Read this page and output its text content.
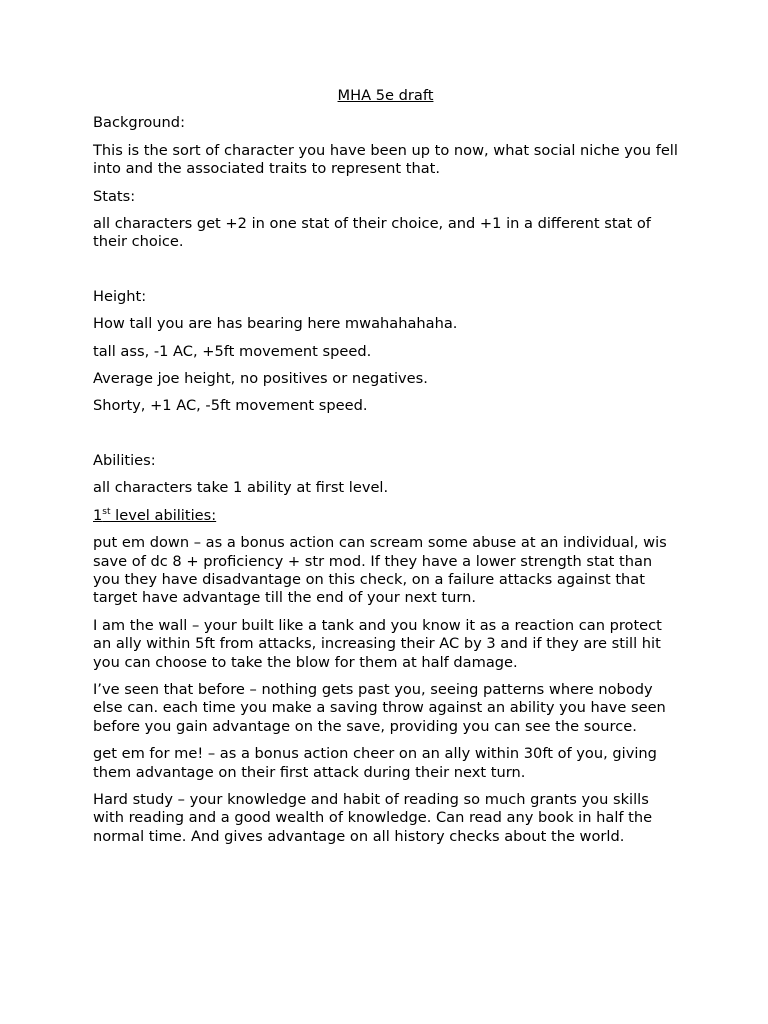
MHA 5e draft

Background:

This is the sort of character you have been up to now, what social niche you fell into and the associated traits to represent that.

Stats:

all characters get +2 in one stat of their choice, and +1 in a different stat of their choice.

Height:

How tall you are has bearing here mwahahahaha.

tall ass, -1 AC, +5ft movement speed.

Average joe height, no positives or negatives.

Shorty, +1 AC, -5ft movement speed.

Abilities:

all characters take 1 ability at first level.

1st level abilities:

put em down – as a bonus action can scream some abuse at an individual, wis save of dc 8 + proficiency + str mod. If they have a lower strength stat than you they have disadvantage on this check, on a failure attacks against that target have advantage till the end of your next turn.

I am the wall – your built like a tank and you know it as a reaction can protect an ally within 5ft from attacks, increasing their AC by 3 and if they are still hit you can choose to take the blow for them at half damage.

I’ve seen that before – nothing gets past you, seeing patterns where nobody else can. each time you make a saving throw against an ability you have seen before you gain advantage on the save, providing you can see the source.

get em for me! – as a bonus action cheer on an ally within 30ft of you, giving them advantage on their first attack during their next turn.

Hard study – your knowledge and habit of reading so much grants you skills with reading and a good wealth of knowledge. Can read any book in half the normal time. And gives advantage on all history checks about the world.
